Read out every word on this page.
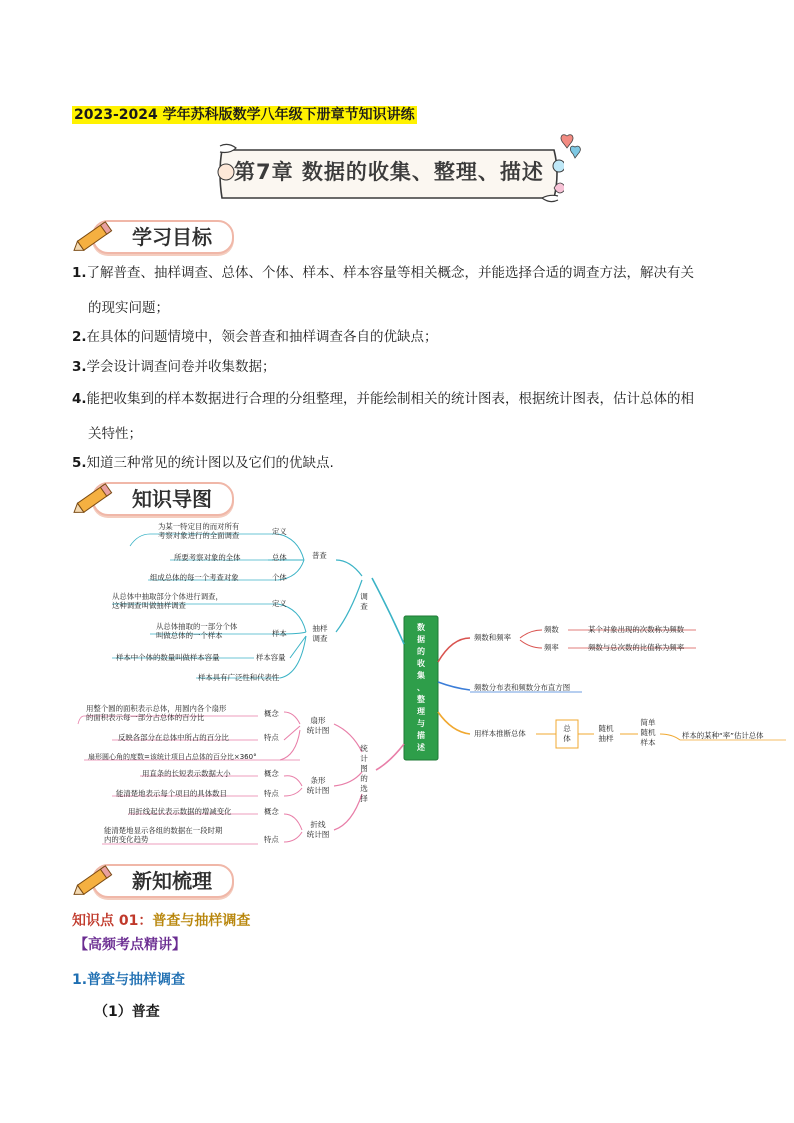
2023-2024 学年苏科版数学八年级下册章节知识讲练
第7章 数据的收集、整理、描述
学习目标
1.了解普查、抽样调查、总体、个体、样本、样本容量等相关概念，并能选择合适的调查方法，解决有关
的现实问题；
2.在具体的问题情境中，领会普查和抽样调查各自的优缺点；
3.学会设计调查问卷并收集数据；
4.能把收集到的样本数据进行合理的分组整理，并能绘制相关的统计图表，根据统计图表，估计总体的相
关特性；
5.知道三种常见的统计图以及它们的优缺点.
知识导图
数
据
的
收
集
、
整
理
与
描
述
调
查
普查
为某一特定目的而对所有
考察对象进行的全面调查	定义
所要考察对象的全体	总体
组成总体的每一个考查对象	个体
抽样
调查
从总体中抽取部分个体进行调查，
这种调查叫做抽样调查	定义
从总体抽取的一部分个体
叫做总体的一个样本	样本
样本中个体的数量叫做样本容量	样本容量
样本具有广泛性和代表性
统
计
图
的
选
择
扇形
统计图
用整个圆的面积表示总体，用圆内各个扇形
的面积表示每一部分占总体的百分比	概念
反映各部分在总体中所占的百分比	特点
扇形圆心角的度数=该统计项目占总体的百分比×360°
条形
统计图
用直条的长短表示数据大小	概念
能清楚地表示每个项目的具体数目	特点
折线
统计图
用折线起伏表示数据的增减变化	概念
能清楚地显示各组的数据在一段时期
内的变化趋势	特点
频数和频率
频数	某个对象出现的次数称为频数
频率	频数与总次数的比值称为频率
频数分布表和频数分布直方图
用样本推断总体
总
体
随机
抽样
简单
随机
样本
样本的某种“率”估计总体
新知梳理
知识点 01：普查与抽样调查
【高频考点精讲】
1.普查与抽样调查
（1）普查
